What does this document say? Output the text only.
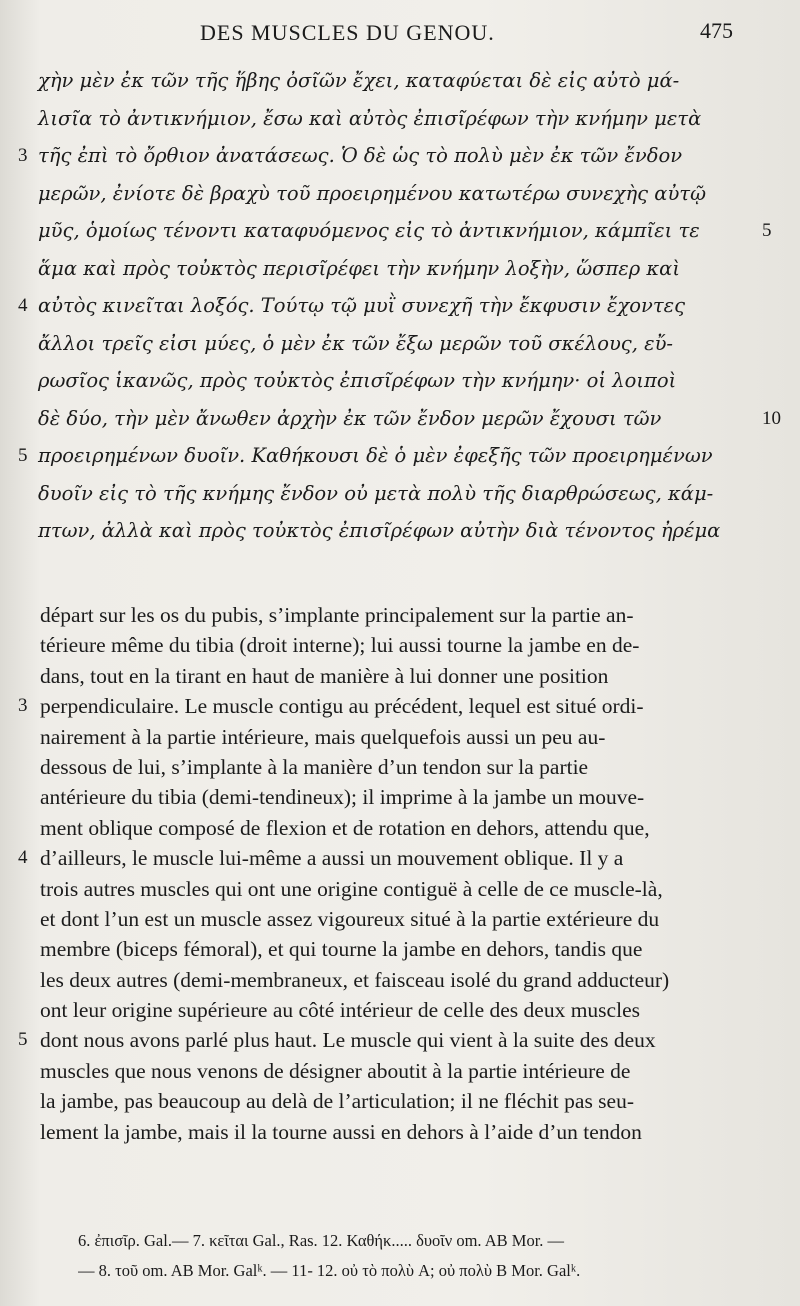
DES MUSCLES DU GENOU.	475
χὴν μὲν ἐκ τῶν τῆς ἥβης ὀσῖῶν ἔχει, καταφύεται δὲ εἰς αὐτὸ μά-
λισῖα τὸ ἀντικνήμιον, ἔσω καὶ αὐτὸς ἐπισῖρέφων τὴν κνήμην μετὰ
3 τῆς ἐπὶ τὸ ὄρθιον ἀνατάσεως. Ὁ δὲ ὡς τὸ πολὺ μὲν ἐκ τῶν ἔνδον
μερῶν, ἐνίοτε δὲ βραχὺ τοῦ προειρημένου κατωτέρω συνεχὴς αὐτῷ
μῦς, ὁμοίως τένοντι καταφυόμενος εἰς τὸ ἀντικνήμιον, κάμπῖει τε	5
ἅμα καὶ πρὸς τοὐκτὸς περισῖρέφει τὴν κνήμην λοξὴν, ὥσπερ καὶ
4 αὐτὸς κινεῖται λοξός. Τούτῳ τῷ μυῒ συνεχῆ τὴν ἔκφυσιν ἔχοντες
ἄλλοι τρεῖς εἰσι μύες, ὁ μὲν ἐκ τῶν ἔξω μερῶν τοῦ σκέλους, εὔ-
ρωσῖος ἱκανῶς, πρὸς τοὐκτὸς ἐπισῖρέφων τὴν κνήμην· οἱ λοιποὶ
δὲ δύο, τὴν μὲν ἄνωθεν ἀρχὴν ἐκ τῶν ἔνδον μερῶν ἔχουσι τῶν	10
5 προειρημένων δυοῖν. Καθήκουσι δὲ ὁ μὲν ἐφεξῆς τῶν προειρημένων
δυοῖν εἰς τὸ τῆς κνήμης ἔνδον οὐ μετὰ πολὺ τῆς διαρθρώσεως, κάμ-
πτων, ἀλλὰ καὶ πρὸς τοὐκτὸς ἐπισῖρέφων αὐτὴν διὰ τένοντος ἠρέμα
départ sur les os du pubis, s’implante principalement sur la partie an-
térieure même du tibia (droit interne); lui aussi tourne la jambe en de-
dans, tout en la tirant en haut de manière à lui donner une position
3 perpendiculaire. Le muscle contigu au précédent, lequel est situé ordi-
nairement à la partie intérieure, mais quelquefois aussi un peu au-
dessous de lui, s’implante à la manière d’un tendon sur la partie
antérieure du tibia (demi-tendineux); il imprime à la jambe un mouve-
ment oblique composé de flexion et de rotation en dehors, attendu que,
4 d’ailleurs, le muscle lui-même a aussi un mouvement oblique. Il y a
trois autres muscles qui ont une origine contiguë à celle de ce muscle-là,
et dont l’un est un muscle assez vigoureux situé à la partie extérieure du
membre (biceps fémoral), et qui tourne la jambe en dehors, tandis que
les deux autres (demi-membraneux, et faisceau isolé du grand adducteur)
ont leur origine supérieure au côté intérieur de celle des deux muscles
5 dont nous avons parlé plus haut. Le muscle qui vient à la suite des deux
muscles que nous venons de désigner aboutit à la partie intérieure de
la jambe, pas beaucoup au delà de l’articulation; il ne fléchit pas seu-
lement la jambe, mais il la tourne aussi en dehors à l’aide d’un tendon
6. ἐπισῖρ. Gal.— 7. κεῖται Gal., Ras. 12. Καθήκ..... δυοῖν om. AB Mor. —
— 8. τοῦ om. AB Mor. Galᵏ. — 11- 12. οὐ τὸ πολὺ A; οὐ πολὺ B Mor. Galᵏ.
